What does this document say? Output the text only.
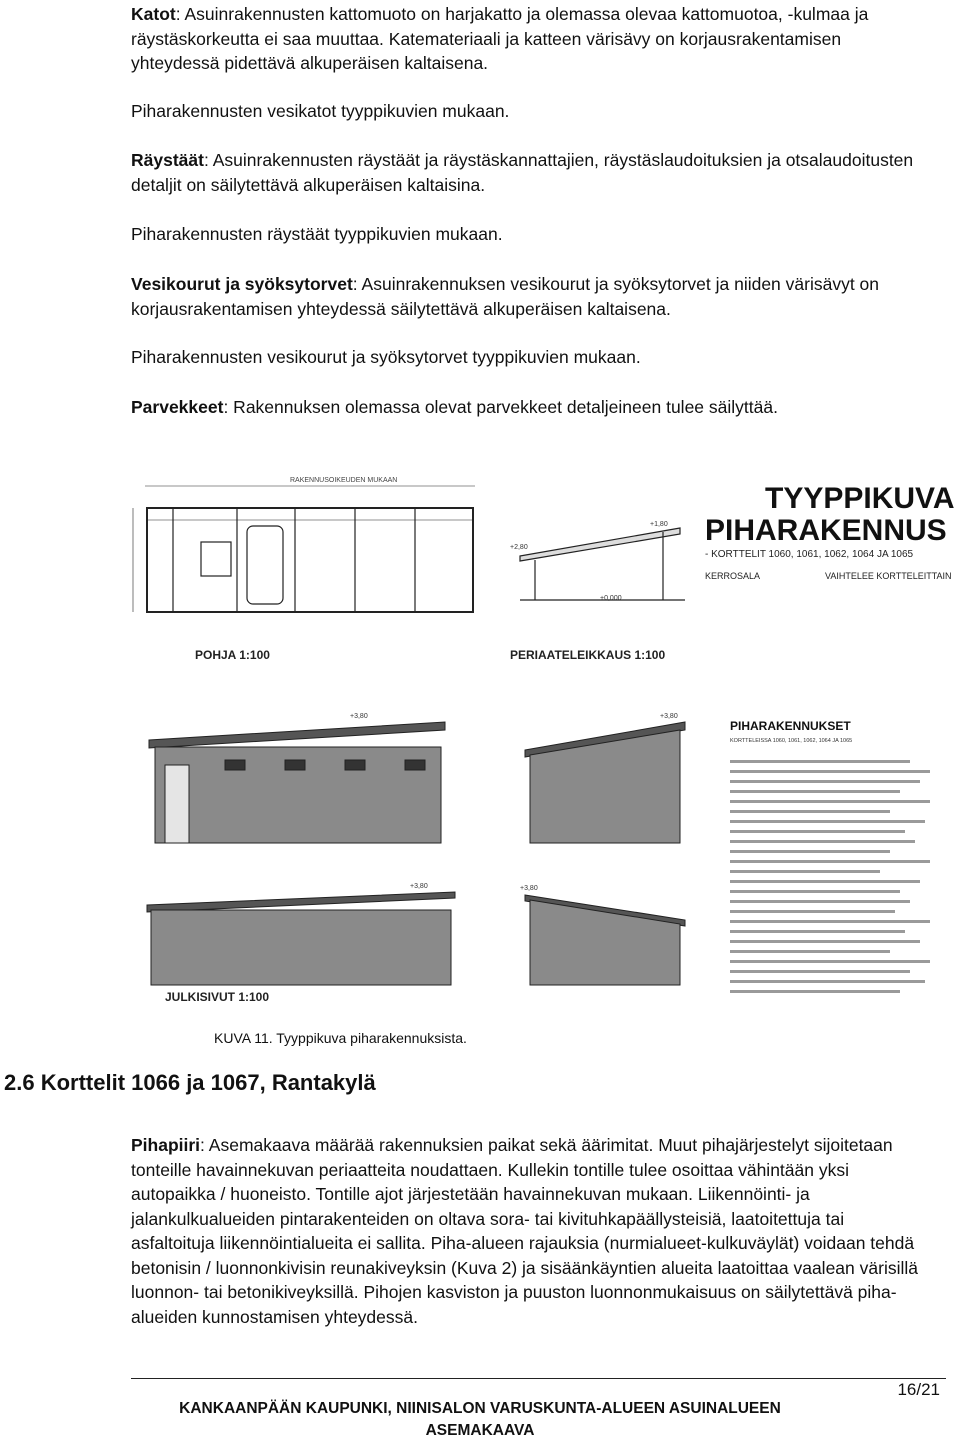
Katot: Asuinrakennusten kattomuoto on harjakatto ja olemassa olevaa kattomuotoa, -kulmaa ja räystäskorkeutta ei saa muuttaa. Katemateriaali ja katteen värisävy on korjausrakentamisen yhteydessä pidettävä alkuperäisen kaltaisena.

Piharakennusten vesikatot tyyppikuvien mukaan.

Räystäät: Asuinrakennusten räystäät ja räystäskannattajien, räystäslaudoituksien ja otsalaudoitusten detaljit on säilytettävä alkuperäisen kaltaisina.

Piharakennusten räystäät tyyppikuvien mukaan.

Vesikourut ja syöksytorvet: Asuinrakennuksen vesikourut ja syöksytorvet ja niiden värisävyt on korjausrakentamisen yhteydessä säilytettävä alkuperäisen kaltaisena.

Piharakennusten vesikourut ja syöksytorvet tyyppikuvien mukaan.

Parvekkeet: Rakennuksen olemassa olevat parvekkeet detaljeineen tulee säilyttää.

RAKENNUSOIKEUDEN MUKAAN
POHJA 1:100
+1,80
+2,80
+0,000
PERIAATELEIKKAUS 1:100
TYYPPIKUVA
PIHARAKENNUS
- KORTTELIT 1060, 1061, 1062, 1064 JA 1065
KERROSALA	VAIHTELEE KORTTELEITTAIN
+3,80	+3,80
+3,80	+3,80
JULKISIVUT 1:100
PIHARAKENNUKSET
KORTTELEISSA 1060, 1061, 1062, 1064 JA 1065
KUVA 11. Tyyppikuva piharakennuksista.
2.6 Korttelit 1066 ja 1067, Rantakylä

Pihapiiri: Asemakaava määrää rakennuksien paikat sekä äärimitat. Muut pihajärjestelyt sijoitetaan tonteille havainnekuvan periaatteita noudattaen. Kullekin tontille tulee osoittaa vähintään yksi autopaikka / huoneisto. Tontille ajot järjestetään havainnekuvan mukaan. Liikennöinti- ja jalankulkualueiden pintarakenteiden on oltava sora- tai kivituhkapäällysteisiä, laatoitettuja tai asfaltoituja liikennöintialueita ei sallita. Piha-alueen rajauksia (nurmialueet-kulkuväylät) voidaan tehdä betonisin / luonnonkivisin reunakiveyksin (Kuva 2) ja sisäänkäyntien alueita laatoittaa vaalean värisillä luonnon- tai betonikiveyksillä. Pihojen kasviston ja puuston luonnonmukaisuus on säilytettävä piha-alueiden kunnostamisen yhteydessä.

16/21
KANKAANPÄÄN KAUPUNKI, NIINISALON VARUSKUNTA-ALUEEN ASUINALUEEN
ASEMAKAAVA
